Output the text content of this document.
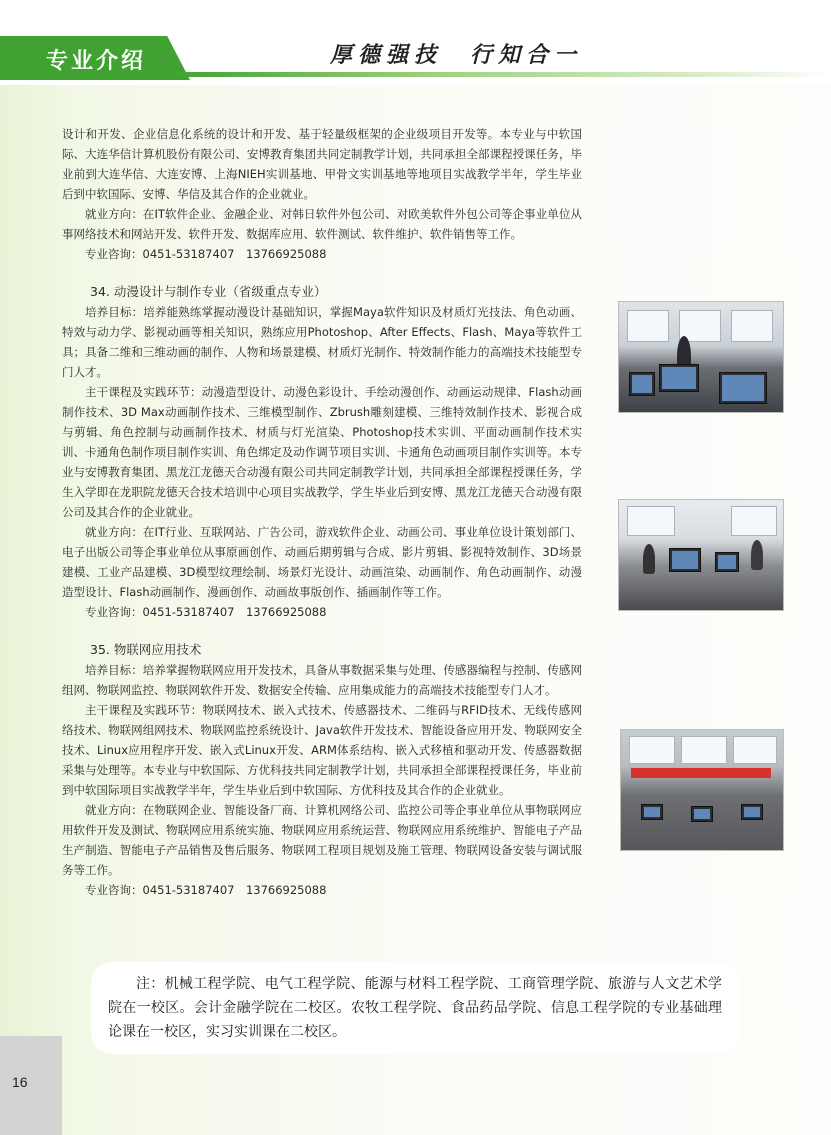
专业介绍	厚德强技　行知合一

设计和开发、企业信息化系统的设计和开发、基于轻量级框架的企业级项目开发等。本专业与中软国际、大连华信计算机股份有限公司、安博教育集团共同定制教学计划，共同承担全部课程授课任务，毕业前到大连华信、大连安博、上海NIEH实训基地、甲骨文实训基地等地项目实战教学半年，学生毕业后到中软国际、安博、华信及其合作的企业就业。

就业方向：在IT软件企业、金融企业、对韩日软件外包公司、对欧美软件外包公司等企事业单位从事网络技术和网站开发、软件开发、数据库应用、软件测试、软件维护、软件销售等工作。

专业咨询：0451-53187407　13766925088

34. 动漫设计与制作专业（省级重点专业）

培养目标：培养能熟练掌握动漫设计基础知识，掌握Maya软件知识及材质灯光技法、角色动画、 特效与动力学、影视动画等相关知识，熟练应用Photoshop、After Effects、Flash、Maya等软件工具；具备二维和三维动画的制作、人物和场景建模、材质灯光制作、特效制作能力的高端技术技能型专门人才。

主干课程及实践环节：动漫造型设计、动漫色彩设计、手绘动漫创作、动画运动规律、Flash动画制作技术、3D Max动画制作技术、三维模型制作、Zbrush雕刻建模、三维特效制作技术、影视合成与剪辑、角色控制与动画制作技术、材质与灯光渲染、Photoshop技术实训、平面动画制作技术实训、卡通角色制作项目制作实训、角色绑定及动作调节项目实训、卡通角色动画项目制作实训等。本专业与安博教育集团、黑龙江龙德天合动漫有限公司共同定制教学计划，共同承担全部课程授课任务，学生入学即在龙职院龙德天合技术培训中心项目实战教学，学生毕业后到安博、黑龙江龙德天合动漫有限公司及其合作的企业就业。

就业方向：在IT行业、互联网站、广告公司，游戏软件企业、动画公司、事业单位设计策划部门、电子出版公司等企事业单位从事原画创作、动画后期剪辑与合成、影片剪辑、影视特效制作、3D场景建模、工业产品建模、3D模型纹理绘制、场景灯光设计、动画渲染、动画制作、角色动画制作、动漫造型设计、Flash动画制作、漫画创作、动画故事版创作、插画制作等工作。

专业咨询：0451-53187407　13766925088

35. 物联网应用技术

培养目标：培养掌握物联网应用开发技术，具备从事数据采集与处理、传感器编程与控制、传感网组网、物联网监控、物联网软件开发、数据安全传输、应用集成能力的高端技术技能型专门人才。

主干课程及实践环节：物联网技术、嵌入式技术、传感器技术、二维码与RFID技术、无线传感网络技术、物联网组网技术、物联网监控系统设计、Java软件开发技术、智能设备应用开发、物联网安全技术、Linux应用程序开发、嵌入式Linux开发、ARM体系结构、嵌入式移植和驱动开发、传感器数据采集与处理等。本专业与中软国际、方优科技共同定制教学计划，共同承担全部课程授课任务，毕业前到中软国际项目实战教学半年，学生毕业后到中软国际、方优科技及其合作的企业就业。

就业方向：在物联网企业、智能设备厂商、计算机网络公司、监控公司等企事业单位从事物联网应用软件开发及测试、物联网应用系统实施、物联网应用系统运营、物联网应用系统维护、智能电子产品生产制造、智能电子产品销售及售后服务、物联网工程项目规划及施工管理、物联网设备安装与调试服务等工作。

专业咨询：0451-53187407　13766925088

注：机械工程学院、电气工程学院、能源与材料工程学院、工商管理学院、旅游与人文艺术学院在一校区。会计金融学院在二校区。农牧工程学院、食品药品学院、信息工程学院的专业基础理论课在一校区，实习实训课在二校区。

16
